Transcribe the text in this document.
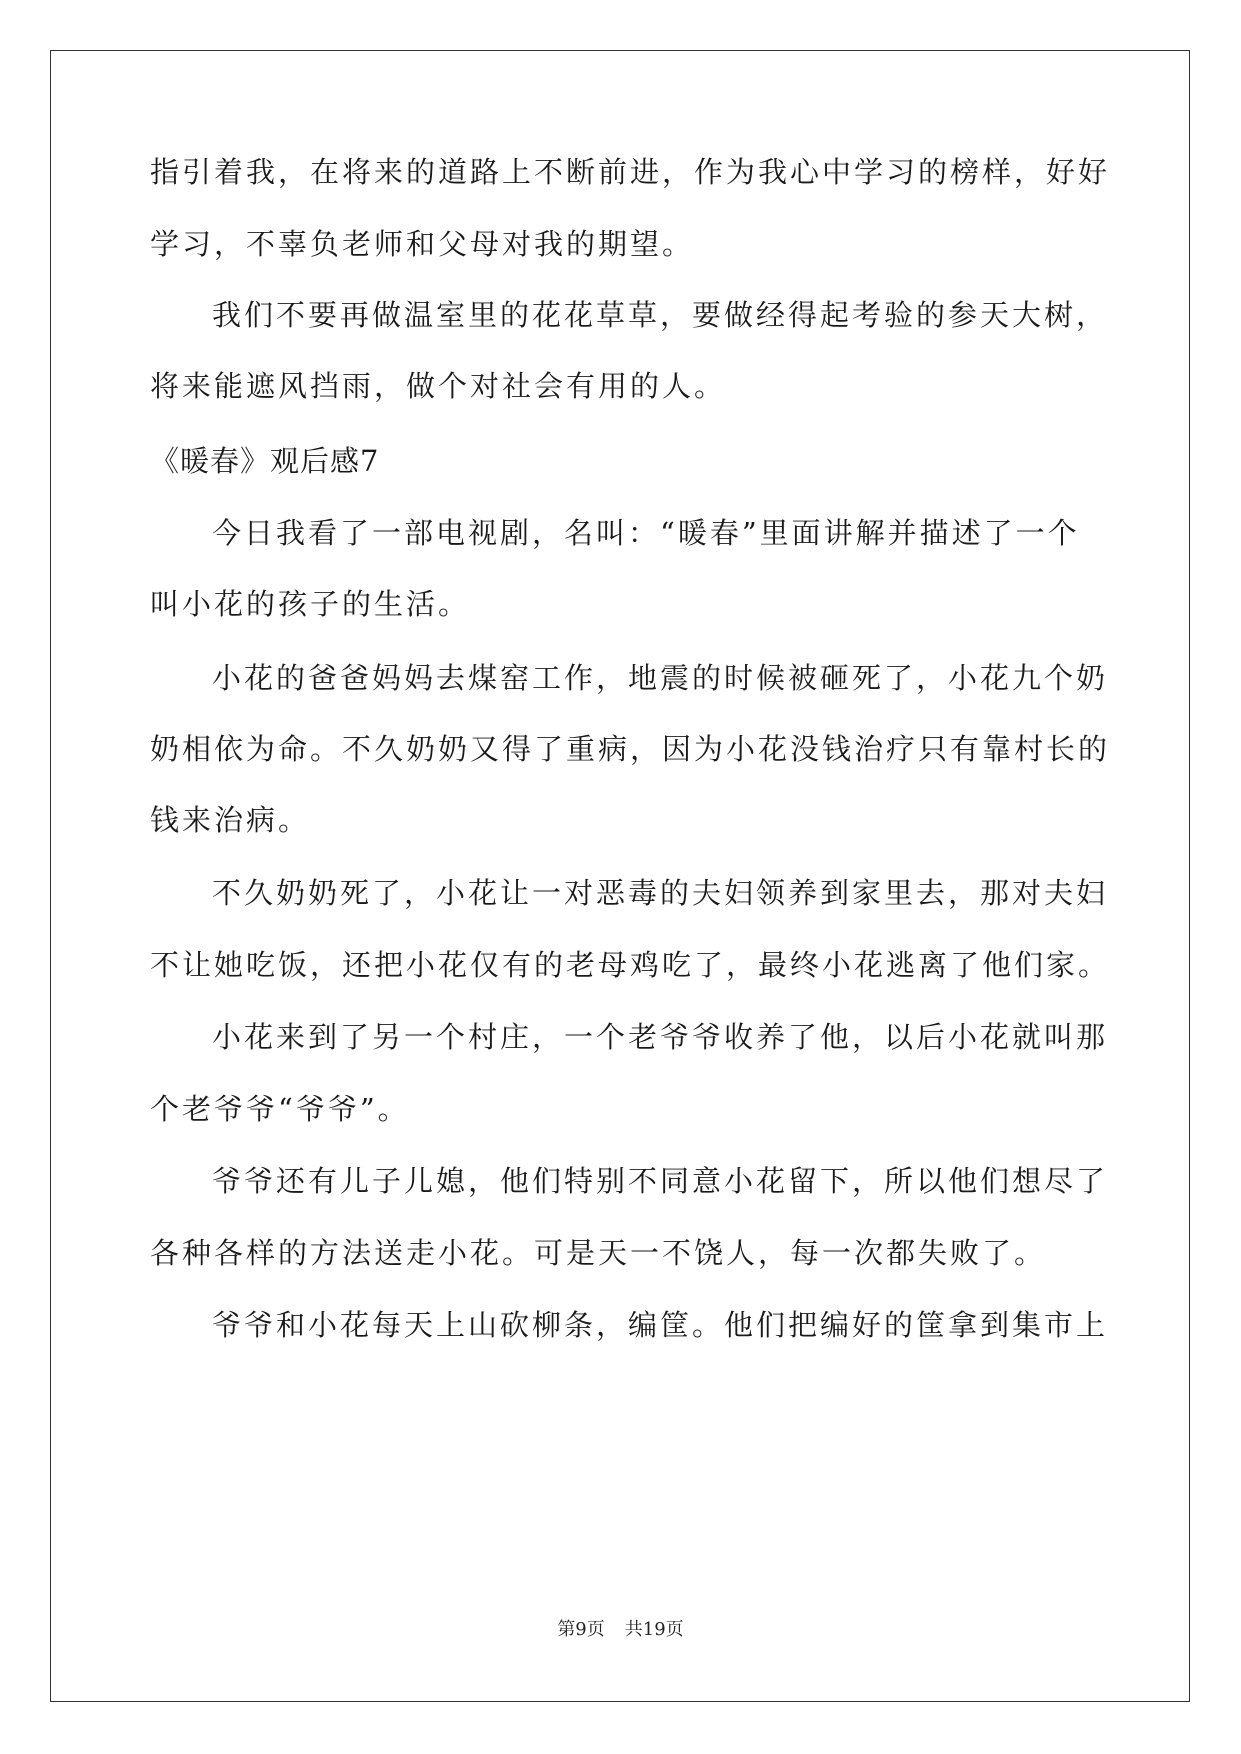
指引着我，在将来的道路上不断前进，作为我心中学习的榜样，好好
学习，不辜负老师和父母对我的期望。
我们不要再做温室里的花花草草，要做经得起考验的参天大树，
将来能遮风挡雨，做个对社会有用的人。
《暖春》观后感7
今日我看了一部电视剧，名叫：“暖春”里面讲解并描述了一个
叫小花的孩子的生活。
小花的爸爸妈妈去煤窑工作，地震的时候被砸死了，小花九个奶
奶相依为命。不久奶奶又得了重病，因为小花没钱治疗只有靠村长的
钱来治病。
不久奶奶死了，小花让一对恶毒的夫妇领养到家里去，那对夫妇
不让她吃饭，还把小花仅有的老母鸡吃了，最终小花逃离了他们家。
小花来到了另一个村庄，一个老爷爷收养了他，以后小花就叫那
个老爷爷“爷爷”。
爷爷还有儿子儿媳，他们特别不同意小花留下，所以他们想尽了
各种各样的方法送走小花。可是天一不饶人，每一次都失败了。
爷爷和小花每天上山砍柳条，编筐。他们把编好的筐拿到集市上
第9页 共19页
